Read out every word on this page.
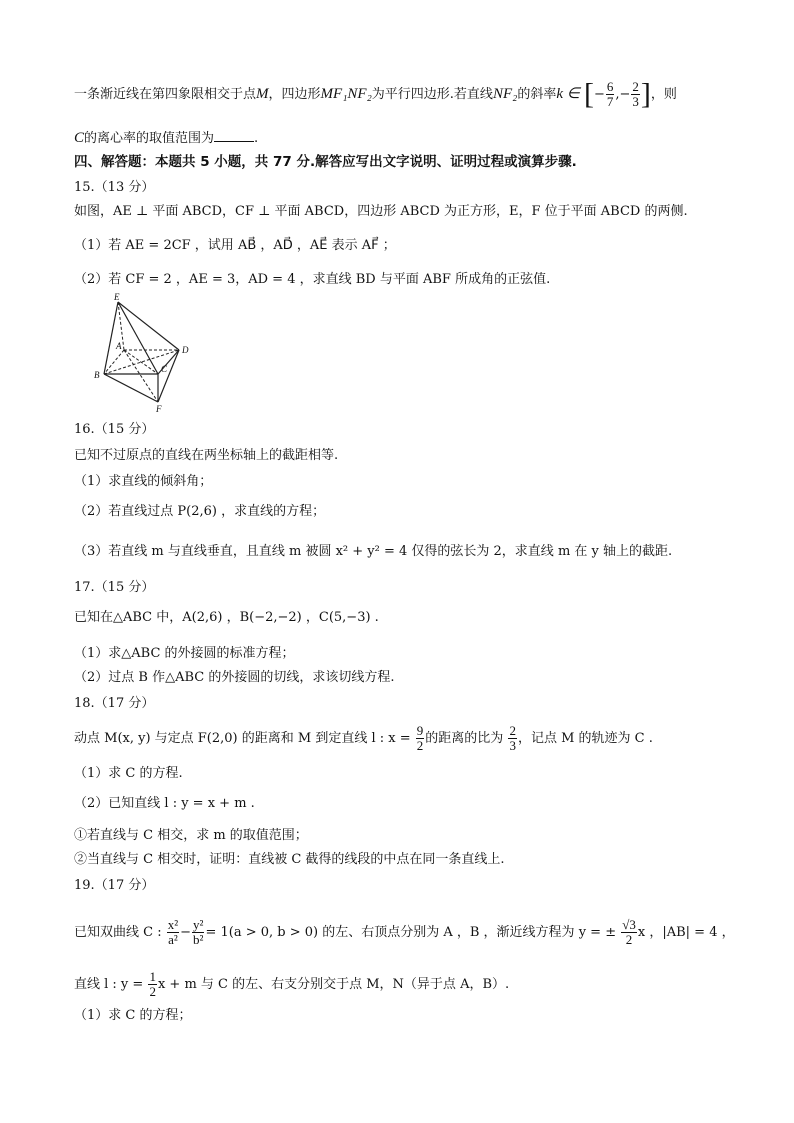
一条渐近线在第四象限相交于点M，四边形MF₁NF₂为平行四边形.若直线NF₂的斜率k ∈ [− $\frac{6}{7}$ ,− $\frac{2}{3}$ ]，则
C的离心率的取值范围为	.
四、解答题：本题共 5 小题，共 77 分.解答应写出文字说明、证明过程或演算步骤.
15.（13 分）
如图，AE ⊥ 平面 ABCD，CF ⊥ 平面 ABCD，四边形 ABCD 为正方形，E，F 位于平面 ABCD 的两侧.
（1）若 AE = 2CF ，试用 AB⃗ ，AD⃗ ，AE⃗ 表示 AF⃗ ；
（2）若 CF = 2 ，AE = 3，AD = 4 ，求直线 BD 与平面 ABF 所成角的正弦值.
E
A	D
B
C
F
16.（15 分）
已知不过原点的直线在两坐标轴上的截距相等.
（1）求直线的倾斜角；
（2）若直线过点 P(2,6) ，求直线的方程；
（3）若直线 m 与直线垂直，且直线 m 被圆 x² + y² = 4 仅得的弦长为 2，求直线 m 在 y 轴上的截距.
17.（15 分）
已知在△ABC 中，A(2,6) ，B(−2,−2) ，C(5,−3) .
（1）求△ABC 的外接圆的标准方程；
（2）过点 B 作△ABC 的外接圆的切线，求该切线方程.
18.（17 分）
动点 M(x, y) 与定点 F(2,0) 的距离和 M 到定直线 l : $x = \frac{9}{2}$ 的距离的比为 $\frac{2}{3}$ ，记点 M 的轨迹为 C .
（1）求 C 的方程.
（2）已知直线 l : y = x + m .
①若直线与 C 相交，求 m 的取值范围；
②当直线与 C 相交时，证明：直线被 C 截得的线段的中点在同一条直线上.
19.（17 分）
已知双曲线 C : $\frac{\text{x²}}{\text{a²}} - \frac{\text{y²}}{\text{b²}} = 1(a > 0$, b > 0) 的左、右顶点分别为 A ，B ，渐近线方程为 y = ± $\frac{√3}{2}$ x ，|AB| = 4 ，
直线 l : $y = \frac{1}{2}$ x + m 与 C 的左、右支分别交于点 M，N（异于点 A，B）.
（1）求 C 的方程；
